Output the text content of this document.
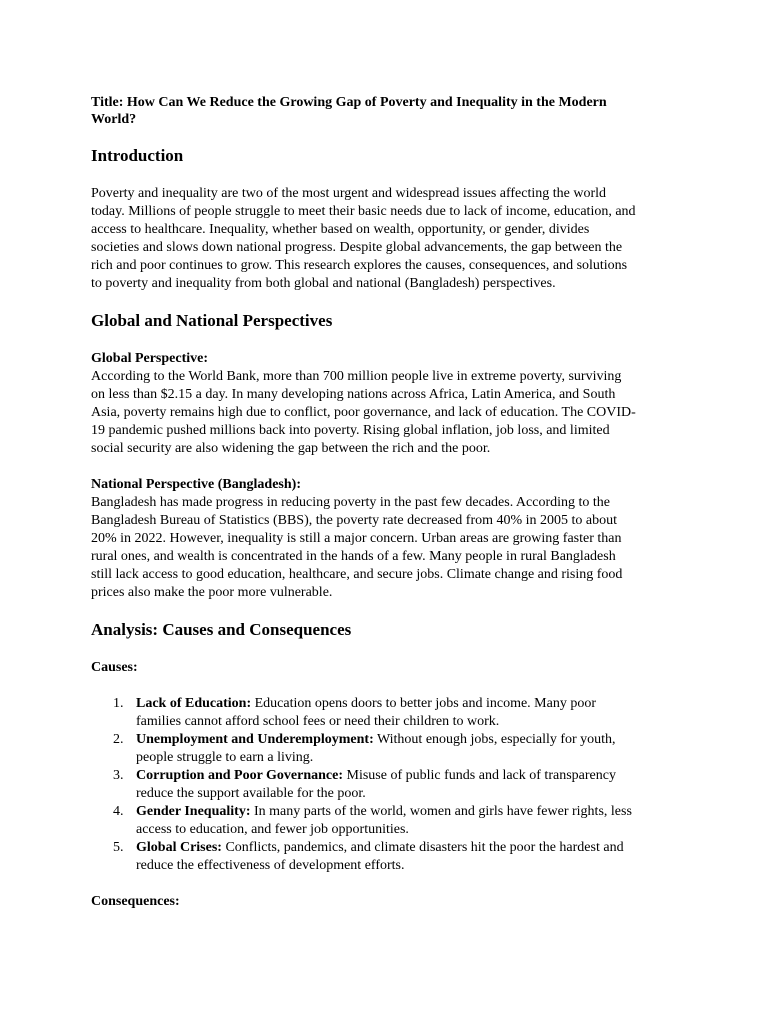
Title: How Can We Reduce the Growing Gap of Poverty and Inequality in the Modern
World?
Introduction
Poverty and inequality are two of the most urgent and widespread issues affecting the world
today. Millions of people struggle to meet their basic needs due to lack of income, education, and
access to healthcare. Inequality, whether based on wealth, opportunity, or gender, divides
societies and slows down national progress. Despite global advancements, the gap between the
rich and poor continues to grow. This research explores the causes, consequences, and solutions
to poverty and inequality from both global and national (Bangladesh) perspectives.
Global and National Perspectives
Global Perspective:
According to the World Bank, more than 700 million people live in extreme poverty, surviving
on less than $2.15 a day. In many developing nations across Africa, Latin America, and South
Asia, poverty remains high due to conflict, poor governance, and lack of education. The COVID-
19 pandemic pushed millions back into poverty. Rising global inflation, job loss, and limited
social security are also widening the gap between the rich and the poor.
National Perspective (Bangladesh):
Bangladesh has made progress in reducing poverty in the past few decades. According to the
Bangladesh Bureau of Statistics (BBS), the poverty rate decreased from 40% in 2005 to about
20% in 2022. However, inequality is still a major concern. Urban areas are growing faster than
rural ones, and wealth is concentrated in the hands of a few. Many people in rural Bangladesh
still lack access to good education, healthcare, and secure jobs. Climate change and rising food
prices also make the poor more vulnerable.
Analysis: Causes and Consequences
Causes:
1. Lack of Education: Education opens doors to better jobs and income. Many poor
families cannot afford school fees or need their children to work.
2. Unemployment and Underemployment: Without enough jobs, especially for youth,
people struggle to earn a living.
3. Corruption and Poor Governance: Misuse of public funds and lack of transparency
reduce the support available for the poor.
4. Gender Inequality: In many parts of the world, women and girls have fewer rights, less
access to education, and fewer job opportunities.
5. Global Crises: Conflicts, pandemics, and climate disasters hit the poor the hardest and
reduce the effectiveness of development efforts.
Consequences:
